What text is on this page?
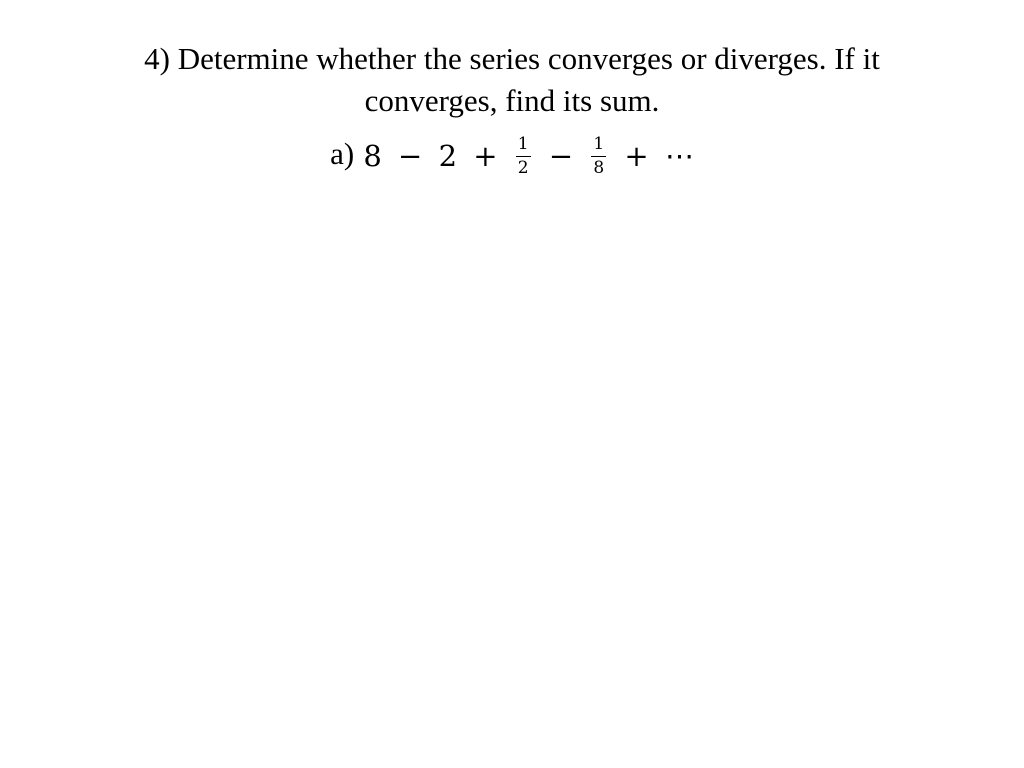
4) Determine whether the series converges or diverges. If it
converges, find its sum.
a) $8 - 2 + \frac{1}{2} - \frac{1}{8}$ + ⋯
